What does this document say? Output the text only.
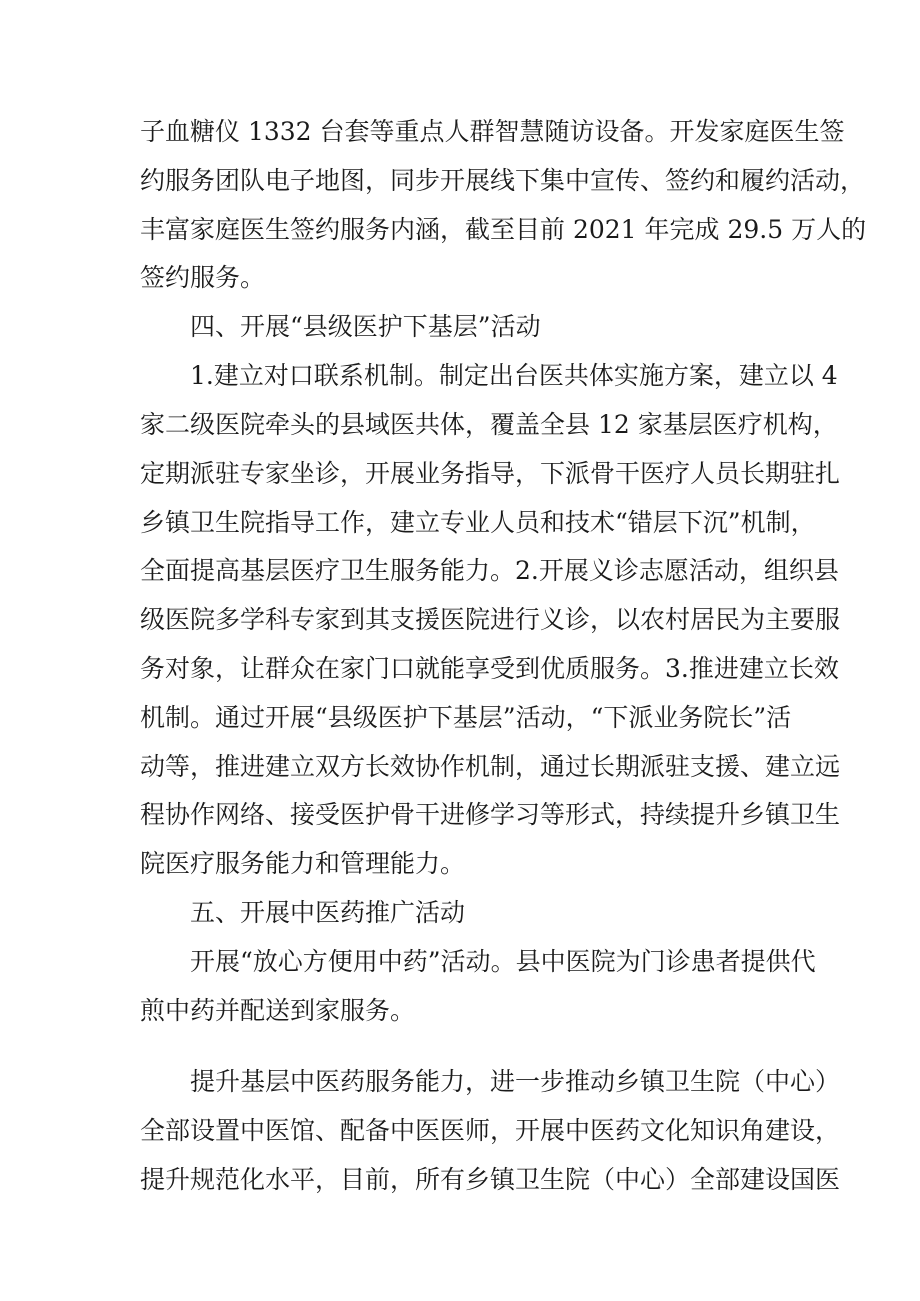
子血糖仪 1332 台套等重点人群智慧随访设备。开发家庭医生签
约服务团队电子地图，同步开展线下集中宣传、签约和履约活动，
丰富家庭医生签约服务内涵，截至目前 2021 年完成 29.5 万人的
签约服务。
四、开展“县级医护下基层”活动
1.建立对口联系机制。制定出台医共体实施方案，建立以 4
家二级医院牵头的县域医共体，覆盖全县 12 家基层医疗机构，
定期派驻专家坐诊，开展业务指导，下派骨干医疗人员长期驻扎
乡镇卫生院指导工作，建立专业人员和技术“错层下沉”机制，
全面提高基层医疗卫生服务能力。2.开展义诊志愿活动，组织县
级医院多学科专家到其支援医院进行义诊，以农村居民为主要服
务对象，让群众在家门口就能享受到优质服务。3.推进建立长效
机制。通过开展“县级医护下基层”活动，“下派业务院长”活
动等，推进建立双方长效协作机制，通过长期派驻支援、建立远
程协作网络、接受医护骨干进修学习等形式，持续提升乡镇卫生
院医疗服务能力和管理能力。
五、开展中医药推广活动
开展“放心方便用中药”活动。县中医院为门诊患者提供代
煎中药并配送到家服务。
提升基层中医药服务能力，进一步推动乡镇卫生院（中心）
全部设置中医馆、配备中医医师，开展中医药文化知识角建设，
提升规范化水平，目前，所有乡镇卫生院（中心）全部建设国医
